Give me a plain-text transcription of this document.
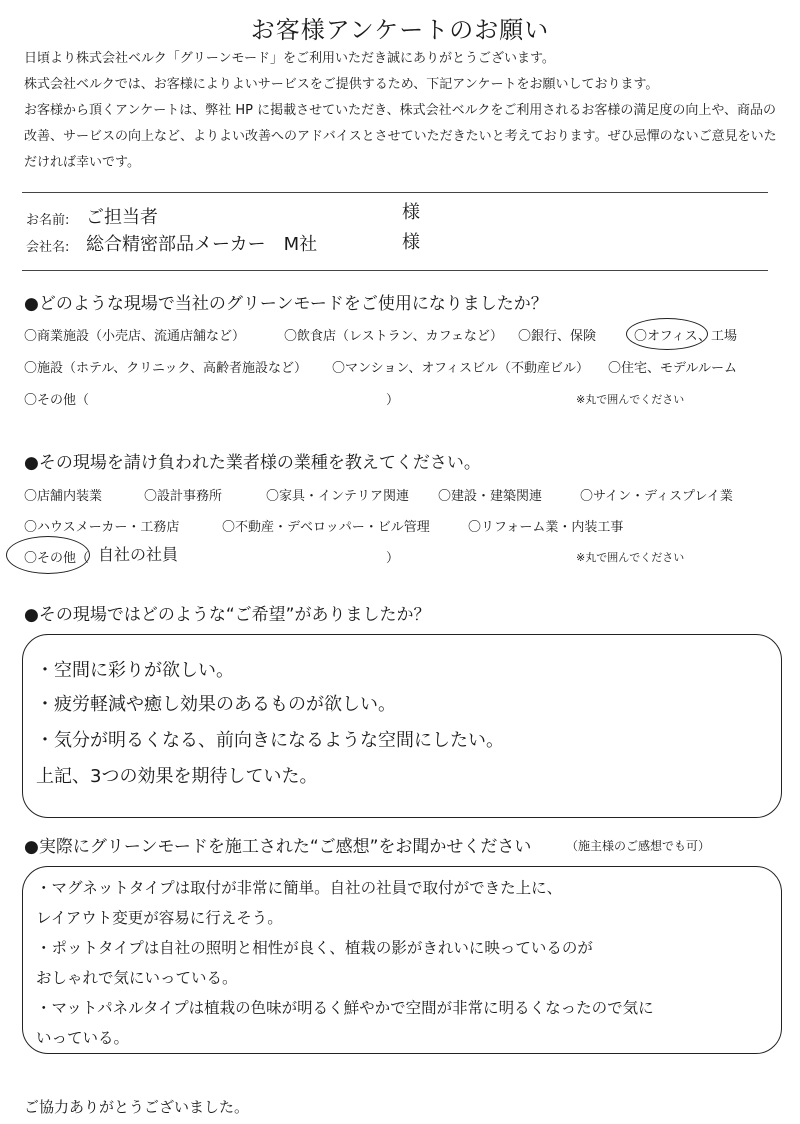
お客様アンケートのお願い
日頃より株式会社ベルク「グリーンモード」をご利用いただき誠にありがとうございます。
株式会社ベルクでは、お客様によりよいサービスをご提供するため、下記アンケートをお願いしております。
お客様から頂くアンケートは、弊社 HP に掲載させていただき、株式会社ベルクをご利用されるお客様の満足度の向上や、商品の改善、サービスの向上など、よりよい改善へのアドバイスとさせていただきたいと考えております。ぜひ忌憚のないご意見をいただければ幸いです。
お名前: ご担当者	様
会社名: 総合精密部品メーカー　M社	様
●どのような現場で当社のグリーンモードをご使用になりましたか？
〇商業施設（小売店、流通店舗など）	〇飲食店（レストラン、カフェなど） 〇銀行、保険	〇オフィス、工場
〇施設（ホテル、クリニック、高齢者施設など） 〇マンション、オフィスビル（不動産ビル） 〇住宅、モデルルーム
〇その他（	）	※丸で囲んでください
●その現場を請け負われた業者様の業種を教えてください。
〇店舗内装業	〇設計事務所	〇家具・インテリア関連 〇建設・建築関連	〇サイン・ディスプレイ業
〇ハウスメーカー・工務店	〇不動産・デベロッパー・ビル管理	〇リフォーム業・内装工事
〇その他（ 自社の社員	）	※丸で囲んでください
●その現場ではどのような“ご希望”がありましたか？
・空間に彩りが欲しい。
・疲労軽減や癒し効果のあるものが欲しい。
・気分が明るくなる、前向きになるような空間にしたい。
上記、3つの効果を期待していた。
●実際にグリーンモードを施工された“ご感想”をお聞かせください	（施主様のご感想でも可）
・マグネットタイプは取付が非常に簡単。自社の社員で取付ができた上に、
レイアウト変更が容易に行えそう。
・ポットタイプは自社の照明と相性が良く、植栽の影がきれいに映っているのが
おしゃれで気にいっている。
・マットパネルタイプは植栽の色味が明るく鮮やかで空間が非常に明るくなったので気に
いっている。
ご協力ありがとうございました。
